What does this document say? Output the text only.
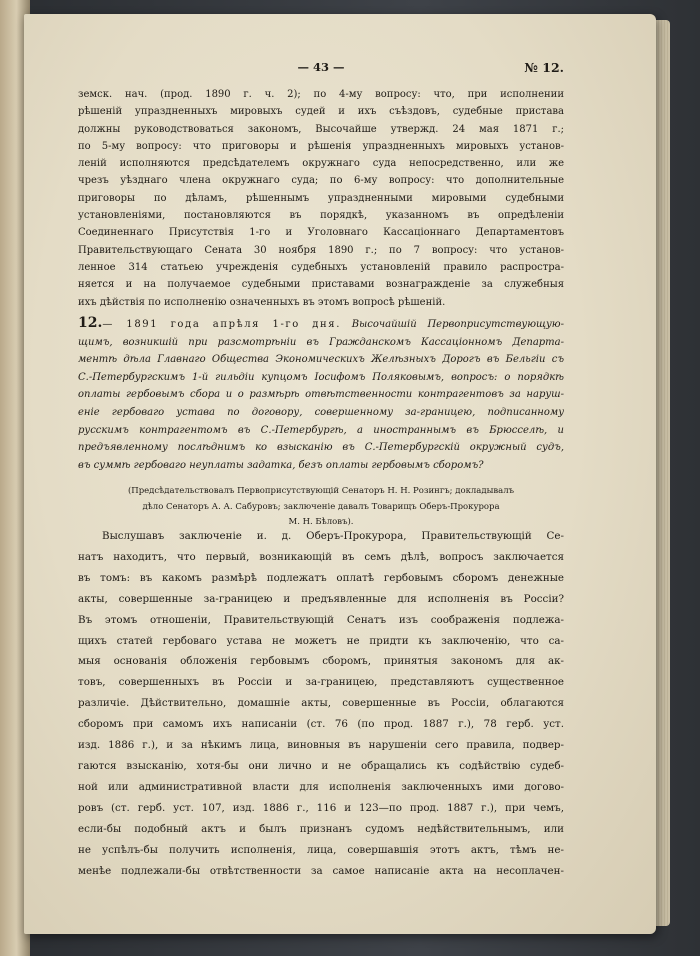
— 43 —	№ 12.
земск. нач. (прод. 1890 г. ч. 2); по 4-му вопросу: что, при исполнении
рѣшеній упраздненныхъ мировыхъ судей и ихъ съѣздовъ, судебные пристава
должны руководствоваться закономъ, Высочайше утвержд. 24 мая 1871 г.;
по 5-му вопросу: что приговоры и рѣшенія упраздненныхъ мировыхъ установ-
леній исполняются предсѣдателемъ окружнаго суда непосредственно, или же
чрезъ уѣзднаго члена окружнаго суда; по 6-му вопросу: что дополнительные
приговоры по дѣламъ, рѣшеннымъ упраздненными мировыми судебными
установленіями, постановляются въ порядкѣ, указанномъ въ опредѣленіи
Соединеннаго Присутствія 1-го и Уголовнаго Кассаціоннаго Департаментовъ
Правительствующаго Сената 30 ноября 1890 г.; по 7 вопросу: что установ-
ленное 314 статьею учрежденія судебныхъ установленій правило распростра-
няется и на получаемое судебными приставами вознагражденіе за служебныя
ихъ дѣйствія по исполненію означенныхъ въ этомъ вопросѣ рѣшеній.
12.— 1891 года апрѣля 1-го дня. Высочайшій Первоприсутствующую-
щимъ, возникшій при разсмотрѣніи въ Гражданскомъ Кассаціонномъ Департа-
ментѣ дѣла Главнаго Общества Экономическихъ Желѣзныхъ Дорогъ въ Бельгіи съ
С.-Петербургскимъ 1-й гильдіи купцомъ Іосифомъ Поляковымъ, вопросъ: о порядкѣ
оплаты гербовымъ сбора и о размѣрѣ отвѣтственности контрагентовъ за наруш-
еніе гербоваго устава по договору, совершенному за-границею, подписанному
русскимъ контрагентомъ въ С.-Петербургѣ, а иностраннымъ въ Брюсселѣ, и
предъявленному послѣднимъ ко взысканію въ С.-Петербургскій окружный судъ,
въ суммѣ гербоваго неуплаты задатка, безъ оплаты гербовымъ сборомъ?
(Предсѣдательствовалъ Первоприсутствующій Сенаторъ Н. Н. Розингъ; докладывалъ
дѣло Сенаторъ А. А. Сабуровъ; заключеніе давалъ Товарищъ Оберъ-Прокурора
М. Н. Бѣловъ).
Выслушавъ заключеніе и. д. Оберъ-Прокурора, Правительствующій Се-
натъ находитъ, что первый, возникающій въ семъ дѣлѣ, вопросъ заключается
въ томъ: въ какомъ размѣрѣ подлежатъ оплатѣ гербовымъ сборомъ денежные
акты, совершенные за-границею и предъявленные для исполненія въ Россіи?
Въ этомъ отношеніи, Правительствующій Сенатъ изъ соображенія подлежа-
щихъ статей гербоваго устава не можетъ не придти къ заключенію, что са-
мыя основанія обложенія гербовымъ сборомъ, принятыя закономъ для ак-
товъ, совершенныхъ въ Россіи и за-границею, представляютъ существенное
различіе. Дѣйствительно, домашніе акты, совершенные въ Россіи, облагаются
сборомъ при самомъ ихъ написаніи (ст. 76 (по прод. 1887 г.), 78 герб. уст.
изд. 1886 г.), и за нѣкимъ лица, виновныя въ нарушеніи сего правила, подвер-
гаются взысканію, хотя-бы они лично и не обращались къ содѣйствію судеб-
ной или административной власти для исполненія заключенныхъ ими догово-
ровъ (ст. герб. уст. 107, изд. 1886 г., 116 и 123—по прод. 1887 г.), при чемъ,
если-бы подобный актъ и былъ признанъ судомъ недѣйствительнымъ, или
не успѣлъ-бы получить исполненія, лица, совершавшія этотъ актъ, тѣмъ не-
менѣе подлежали-бы отвѣтственности за самое написаніе акта на несоплачен-
